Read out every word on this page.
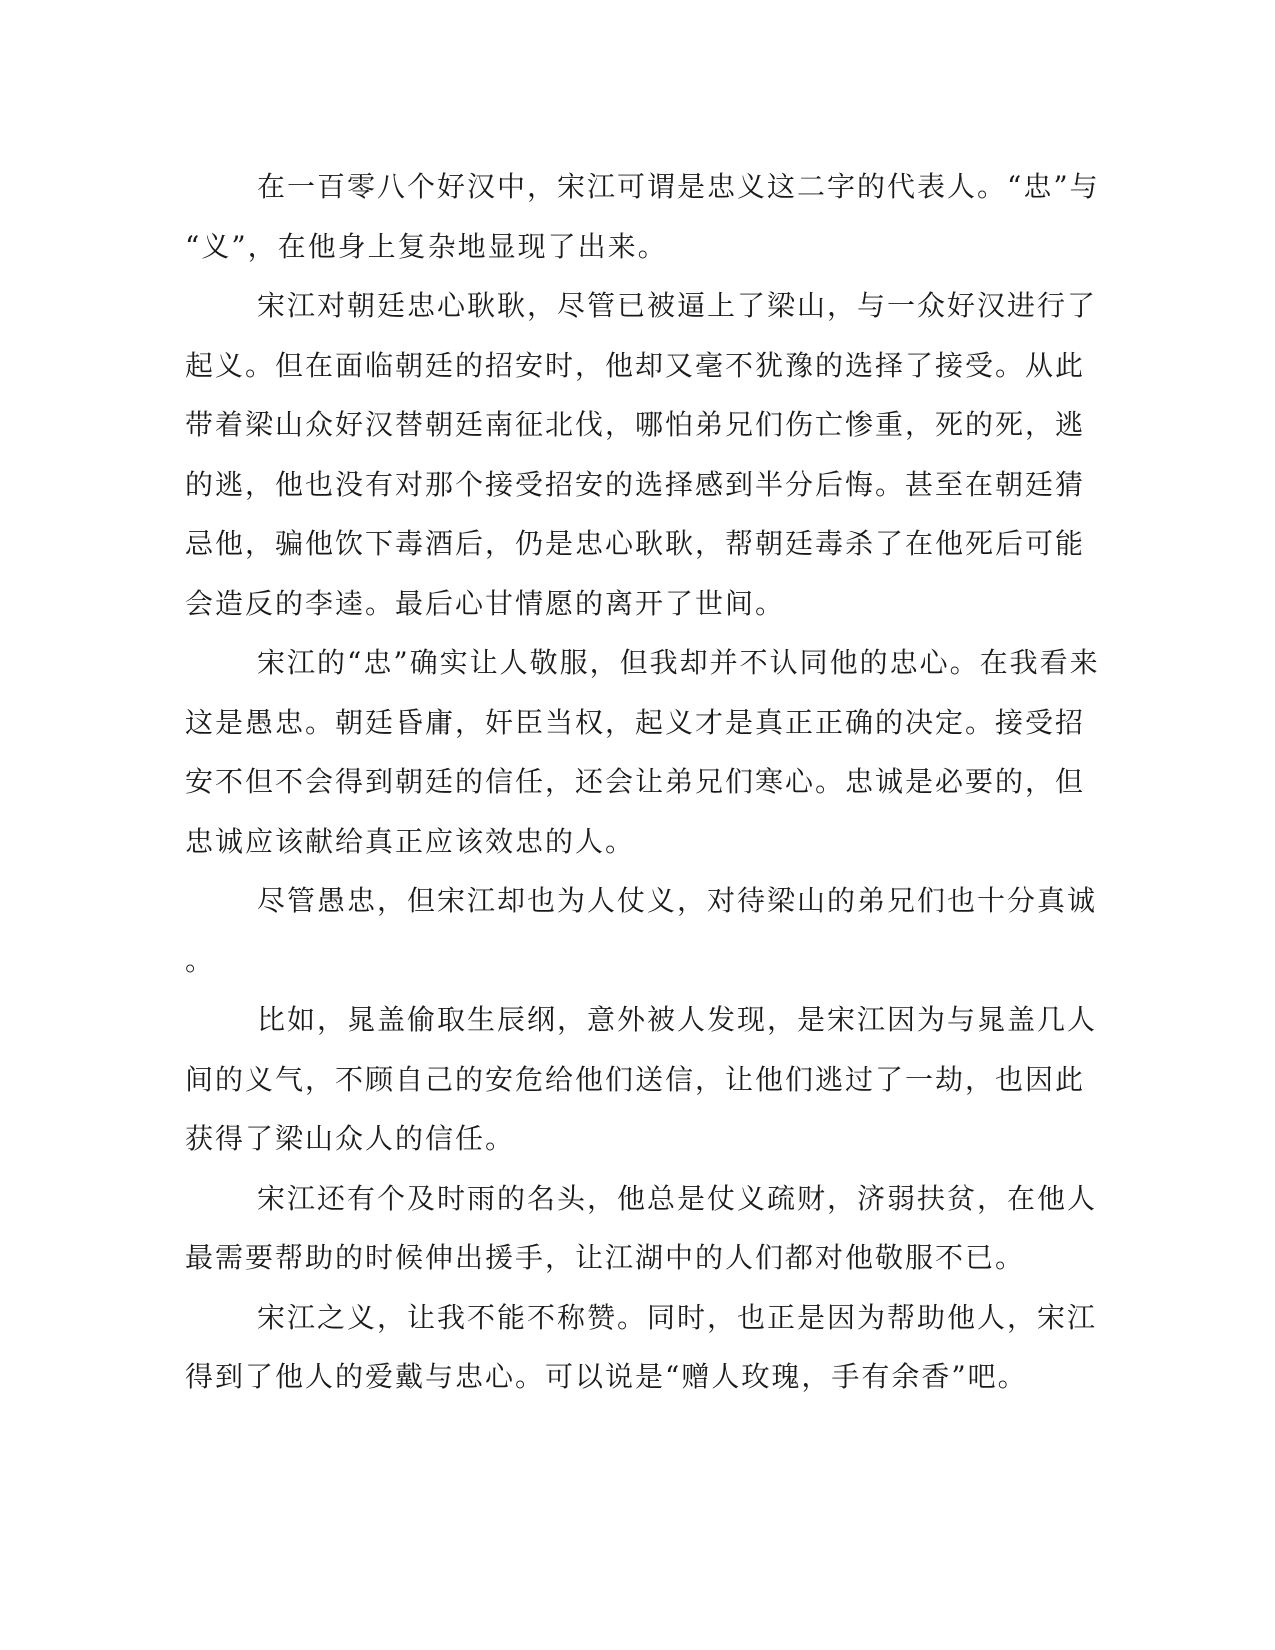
在一百零八个好汉中，宋江可谓是忠义这二字的代表人。“忠”与
“义”，在他身上复杂地显现了出来。
宋江对朝廷忠心耿耿，尽管已被逼上了梁山，与一众好汉进行了
起义。但在面临朝廷的招安时，他却又毫不犹豫的选择了接受。从此
带着梁山众好汉替朝廷南征北伐，哪怕弟兄们伤亡惨重，死的死，逃
的逃，他也没有对那个接受招安的选择感到半分后悔。甚至在朝廷猜
忌他，骗他饮下毒酒后，仍是忠心耿耿，帮朝廷毒杀了在他死后可能
会造反的李逵。最后心甘情愿的离开了世间。
宋江的“忠”确实让人敬服，但我却并不认同他的忠心。在我看来
这是愚忠。朝廷昏庸，奸臣当权，起义才是真正正确的决定。接受招
安不但不会得到朝廷的信任，还会让弟兄们寒心。忠诚是必要的，但
忠诚应该献给真正应该效忠的人。
尽管愚忠，但宋江却也为人仗义，对待梁山的弟兄们也十分真诚
。
比如，晁盖偷取生辰纲，意外被人发现，是宋江因为与晁盖几人
间的义气，不顾自己的安危给他们送信，让他们逃过了一劫，也因此
获得了梁山众人的信任。
宋江还有个及时雨的名头，他总是仗义疏财，济弱扶贫，在他人
最需要帮助的时候伸出援手，让江湖中的人们都对他敬服不已。
宋江之义，让我不能不称赞。同时，也正是因为帮助他人，宋江
得到了他人的爱戴与忠心。可以说是“赠人玫瑰，手有余香”吧。
